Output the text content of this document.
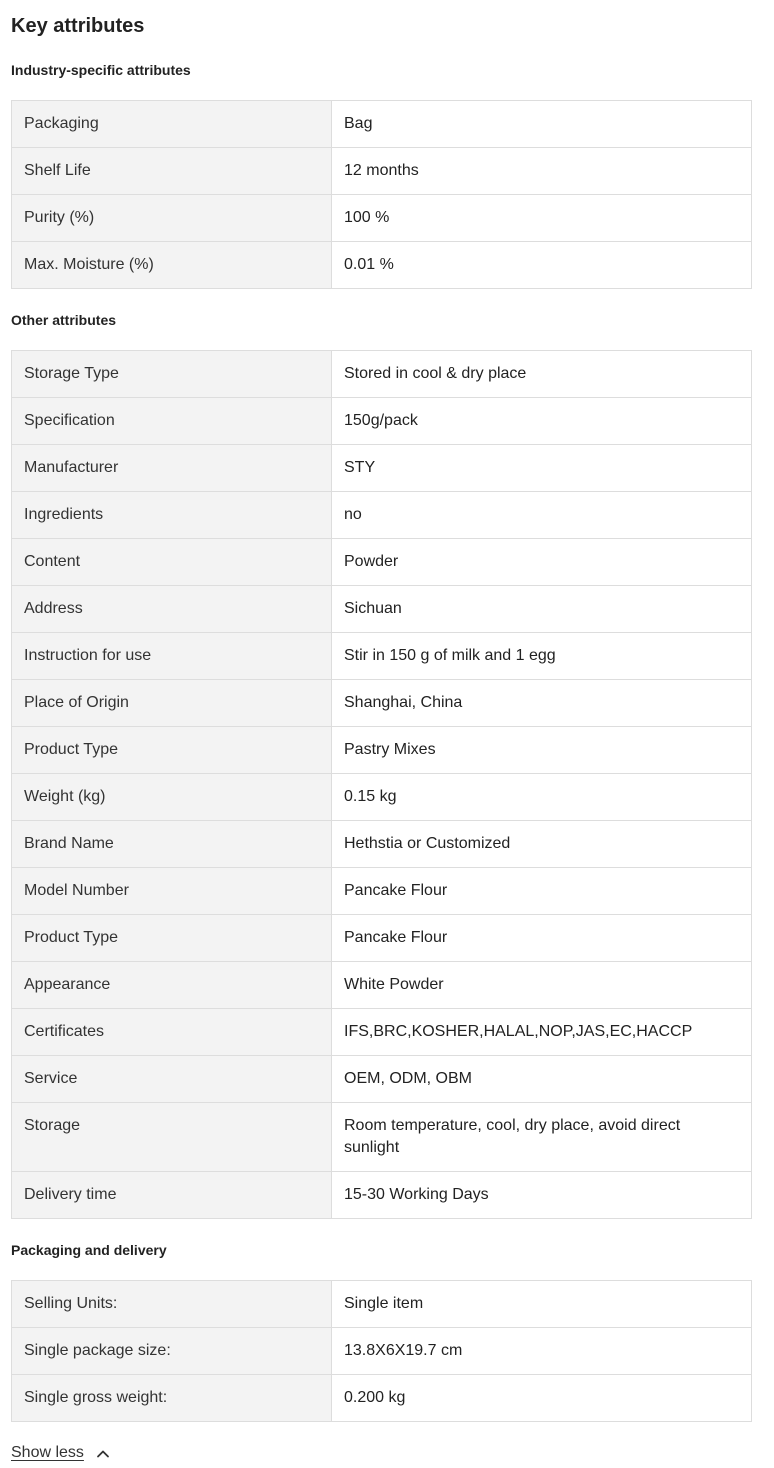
Key attributes
Industry-specific attributes
Packaging	Bag
Shelf Life	12 months
Purity (%)	100 %
Max. Moisture (%)	0.01 %
Other attributes
Storage Type	Stored in cool & dry place
Specification	150g/pack
Manufacturer	STY
Ingredients	no
Content	Powder
Address	Sichuan
Instruction for use	Stir in 150 g of milk and 1 egg
Place of Origin	Shanghai, China
Product Type	Pastry Mixes
Weight (kg)	0.15 kg
Brand Name	Hethstia or Customized
Model Number	Pancake Flour
Product Type	Pancake Flour
Appearance	White Powder
Certificates	IFS,BRC,KOSHER,HALAL,NOP,JAS,EC,HACCP
Service	OEM, ODM, OBM
Storage	Room temperature, cool, dry place, avoid direct sunlight
Delivery time	15-30 Working Days
Packaging and delivery
Selling Units:	Single item
Single package size:	13.8X6X19.7 cm
Single gross weight:	0.200 kg
Show less
